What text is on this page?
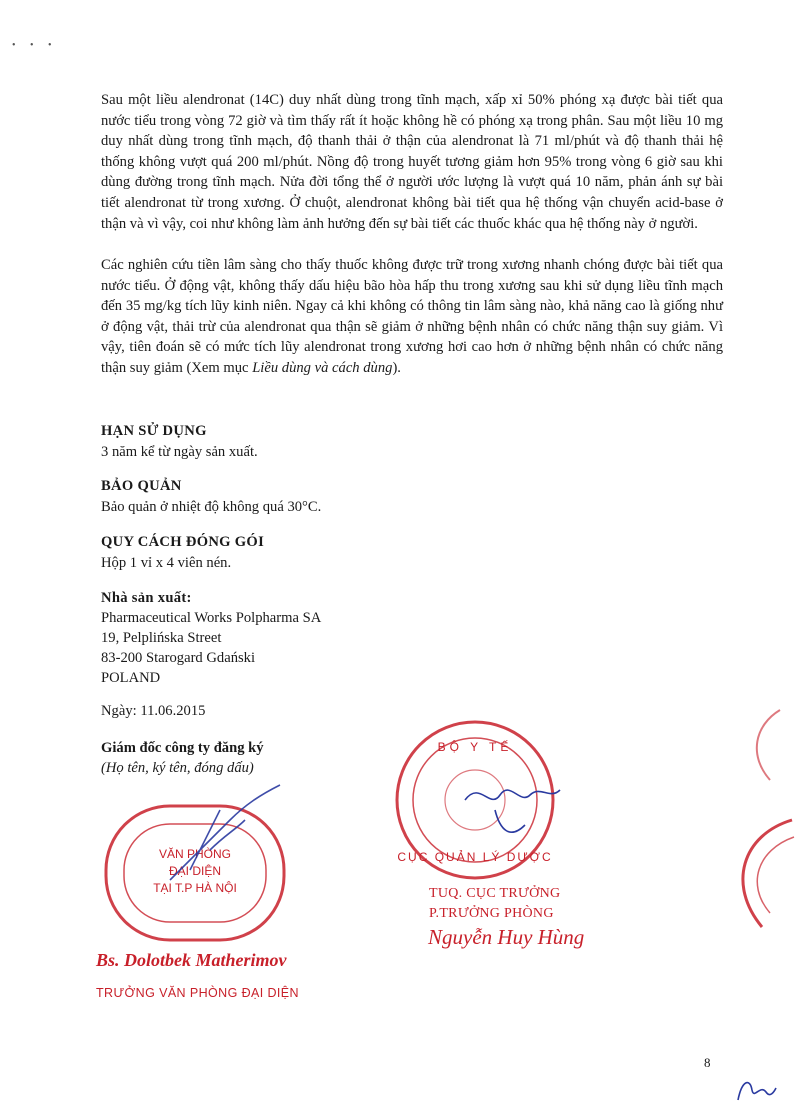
• • •

Sau một liều alendronat (14C) duy nhất dùng trong tĩnh mạch, xấp xỉ 50% phóng xạ được bài tiết qua nước tiểu trong vòng 72 giờ và tìm thấy rất ít hoặc không hề có phóng xạ trong phân. Sau một liều 10 mg duy nhất dùng trong tĩnh mạch, độ thanh thải ở thận của alendronat là 71 ml/phút và độ thanh thải hệ thống không vượt quá 200 ml/phút. Nồng độ trong huyết tương giảm hơn 95% trong vòng 6 giờ sau khi dùng đường trong tĩnh mạch. Nửa đời tổng thể ở người ước lượng là vượt quá 10 năm, phản ánh sự bài tiết alendronat từ trong xương. Ở chuột, alendronat không bài tiết qua hệ thống vận chuyển acid-base ở thận và vì vậy, coi như không làm ảnh hưởng đến sự bài tiết các thuốc khác qua hệ thống này ở người.

Các nghiên cứu tiền lâm sàng cho thấy thuốc không được trữ trong xương nhanh chóng được bài tiết qua nước tiểu. Ở động vật, không thấy dấu hiệu bão hòa hấp thu trong xương sau khi sử dụng liều tĩnh mạch đến 35 mg/kg tích lũy kinh niên. Ngay cả khi không có thông tin lâm sàng nào, khả năng cao là giống như ở động vật, thải trừ của alendronat qua thận sẽ giảm ở những bệnh nhân có chức năng thận suy giảm. Vì vậy, tiên đoán sẽ có mức tích lũy alendronat trong xương hơi cao hơn ở những bệnh nhân có chức năng thận suy giảm (Xem mục Liều dùng và cách dùng).

HẠN SỬ DỤNG

3 năm kể từ ngày sản xuất.

BẢO QUẢN

Bảo quản ở nhiệt độ không quá 30°C.

QUY CÁCH ĐÓNG GÓI

Hộp 1 vỉ x 4 viên nén.

Nhà sản xuất:

Pharmaceutical Works Polpharma SA

19, Pelplińska Street

83-200 Starogard Gdański

POLAND

Ngày: 11.06.2015

Giám đốc công ty đăng ký

(Họ tên, ký tên, đóng dấu)

VĂN PHÒNG
ĐẠI DIỆN
TẠI T.P HÀ NỘI
Bs. Dolotbek Matherimov
TRƯỞNG VĂN PHÒNG ĐẠI DIỆN
BỘ Y TẾ
CỤC QUẢN LÝ DƯỢC
TUQ. CỤC TRƯỞNG
P.TRƯỞNG PHÒNG
Nguyễn Huy Hùng
8
